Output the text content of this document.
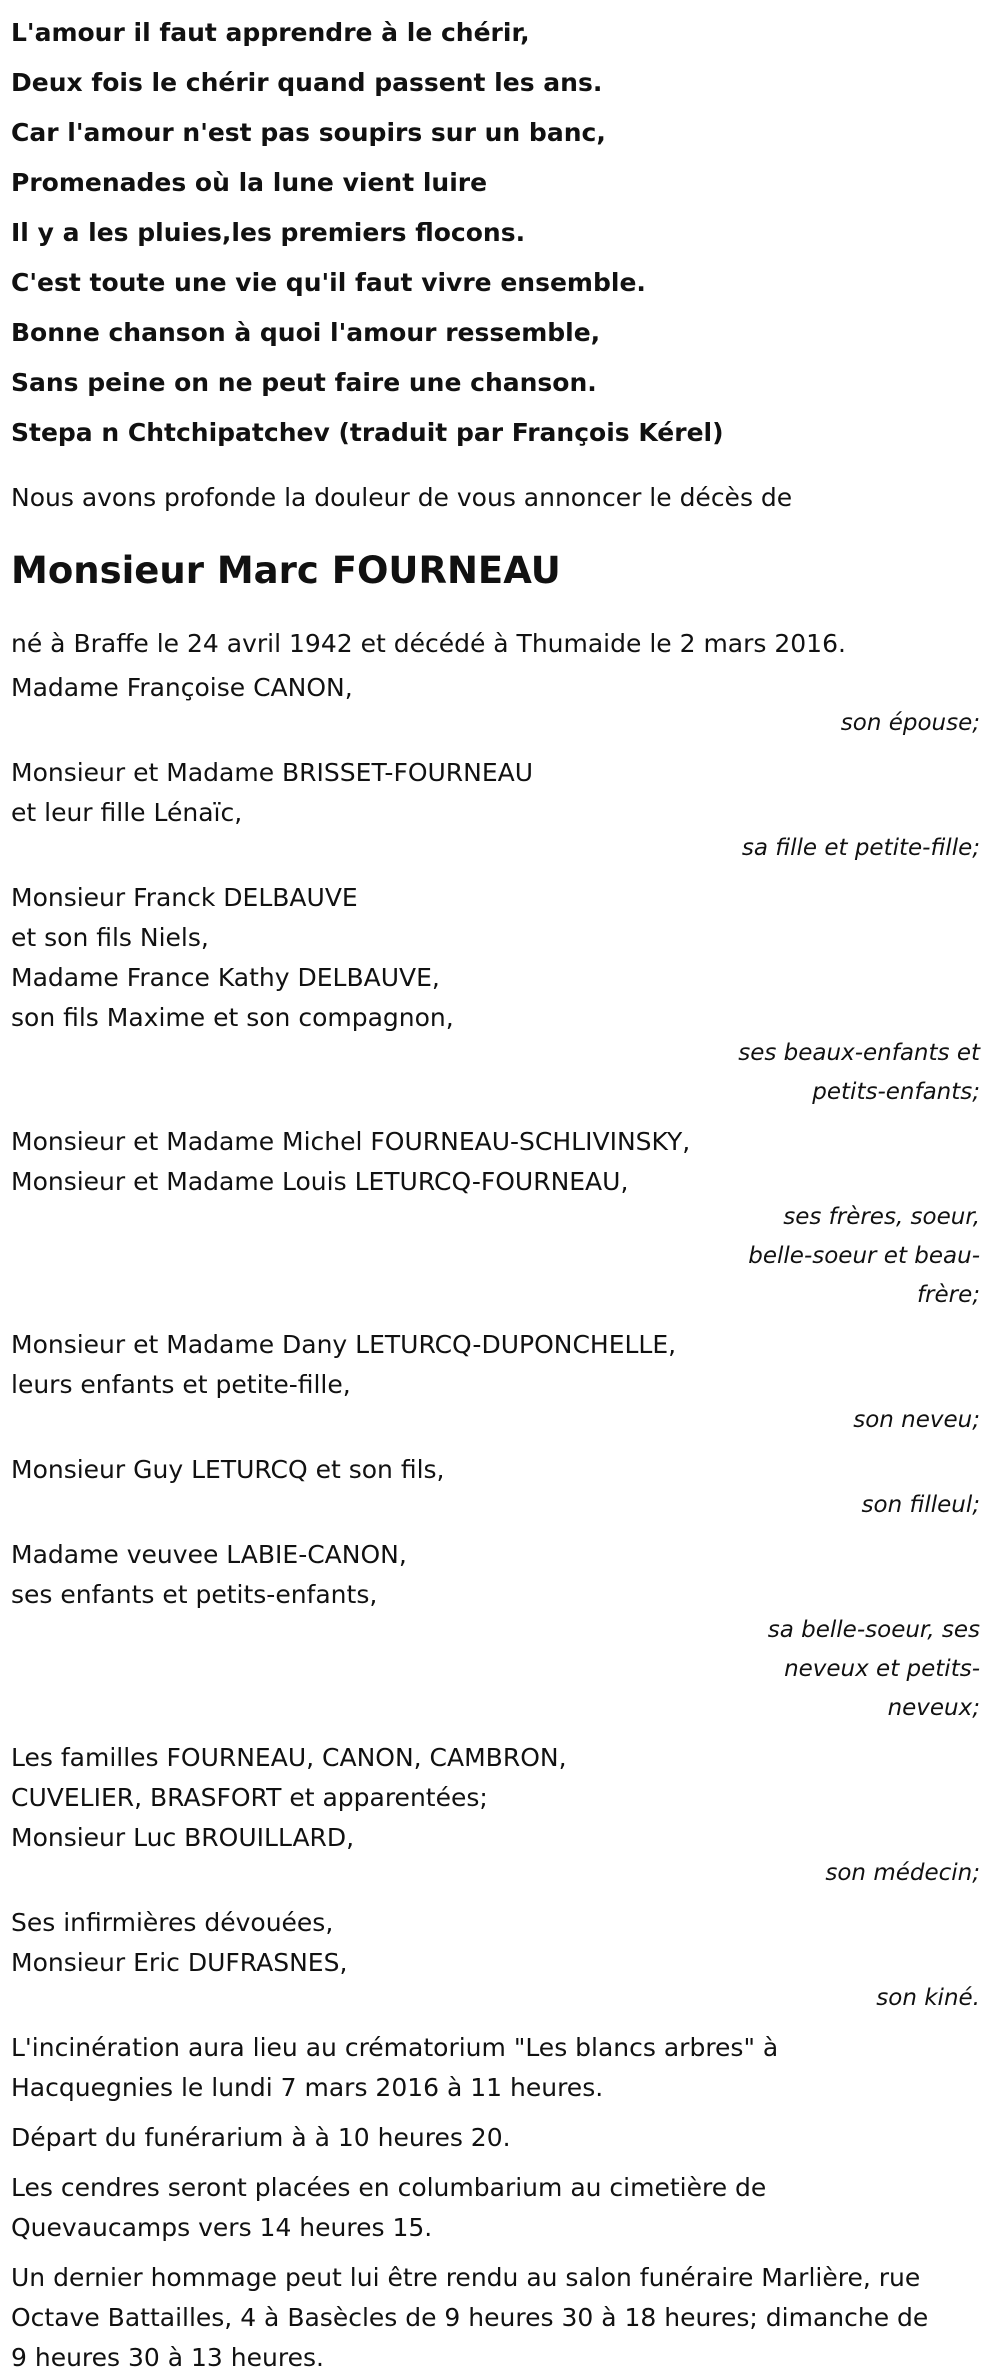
L'amour il faut apprendre à le chérir,
Deux fois le chérir quand passent les ans.
Car l'amour n'est pas soupirs sur un banc,
Promenades où la lune vient luire
Il y a les pluies,les premiers flocons.
C'est toute une vie qu'il faut vivre ensemble.
Bonne chanson à quoi l'amour ressemble,
Sans peine on ne peut faire une chanson.
Stepa n Chtchipatchev (traduit par François Kérel)
Nous avons profonde la douleur de vous annoncer le décès de
Monsieur Marc FOURNEAU
né à Braffe le 24 avril 1942 et décédé à Thumaide le 2 mars 2016.
Madame Françoise CANON,
son épouse;
Monsieur et Madame BRISSET-FOURNEAU
et leur fille Lénaïc,
sa fille et petite-fille;
Monsieur Franck DELBAUVE
et son fils Niels,
Madame France Kathy DELBAUVE,
son fils Maxime et son compagnon,
ses beaux-enfants et petits-enfants;
Monsieur et Madame Michel FOURNEAU-SCHLIVINSKY,
Monsieur et Madame Louis LETURCQ-FOURNEAU,
ses frères, soeur, belle-soeur et beau-frère;
Monsieur et Madame Dany LETURCQ-DUPONCHELLE,
leurs enfants et petite-fille,
son neveu;
Monsieur Guy LETURCQ et son fils,
son filleul;
Madame veuvee LABIE-CANON,
ses enfants et petits-enfants,
sa belle-soeur, ses neveux et petits-neveux;
Les familles FOURNEAU, CANON, CAMBRON,
CUVELIER, BRASFORT et apparentées;
Monsieur Luc BROUILLARD,
son médecin;
Ses infirmières dévouées,
Monsieur Eric DUFRASNES,
son kiné.
L'incinération aura lieu au crématorium "Les blancs arbres" à
Hacquegnies le lundi 7 mars 2016 à 11 heures.
Départ du funérarium à à 10 heures 20.
Les cendres seront placées en columbarium au cimetière de
Quevaucamps vers 14 heures 15.
Un dernier hommage peut lui être rendu au salon funéraire Marlière, rue
Octave Battailles, 4 à Basècles de 9 heures 30 à 18 heures; dimanche de
9 heures 30 à 13 heures.
